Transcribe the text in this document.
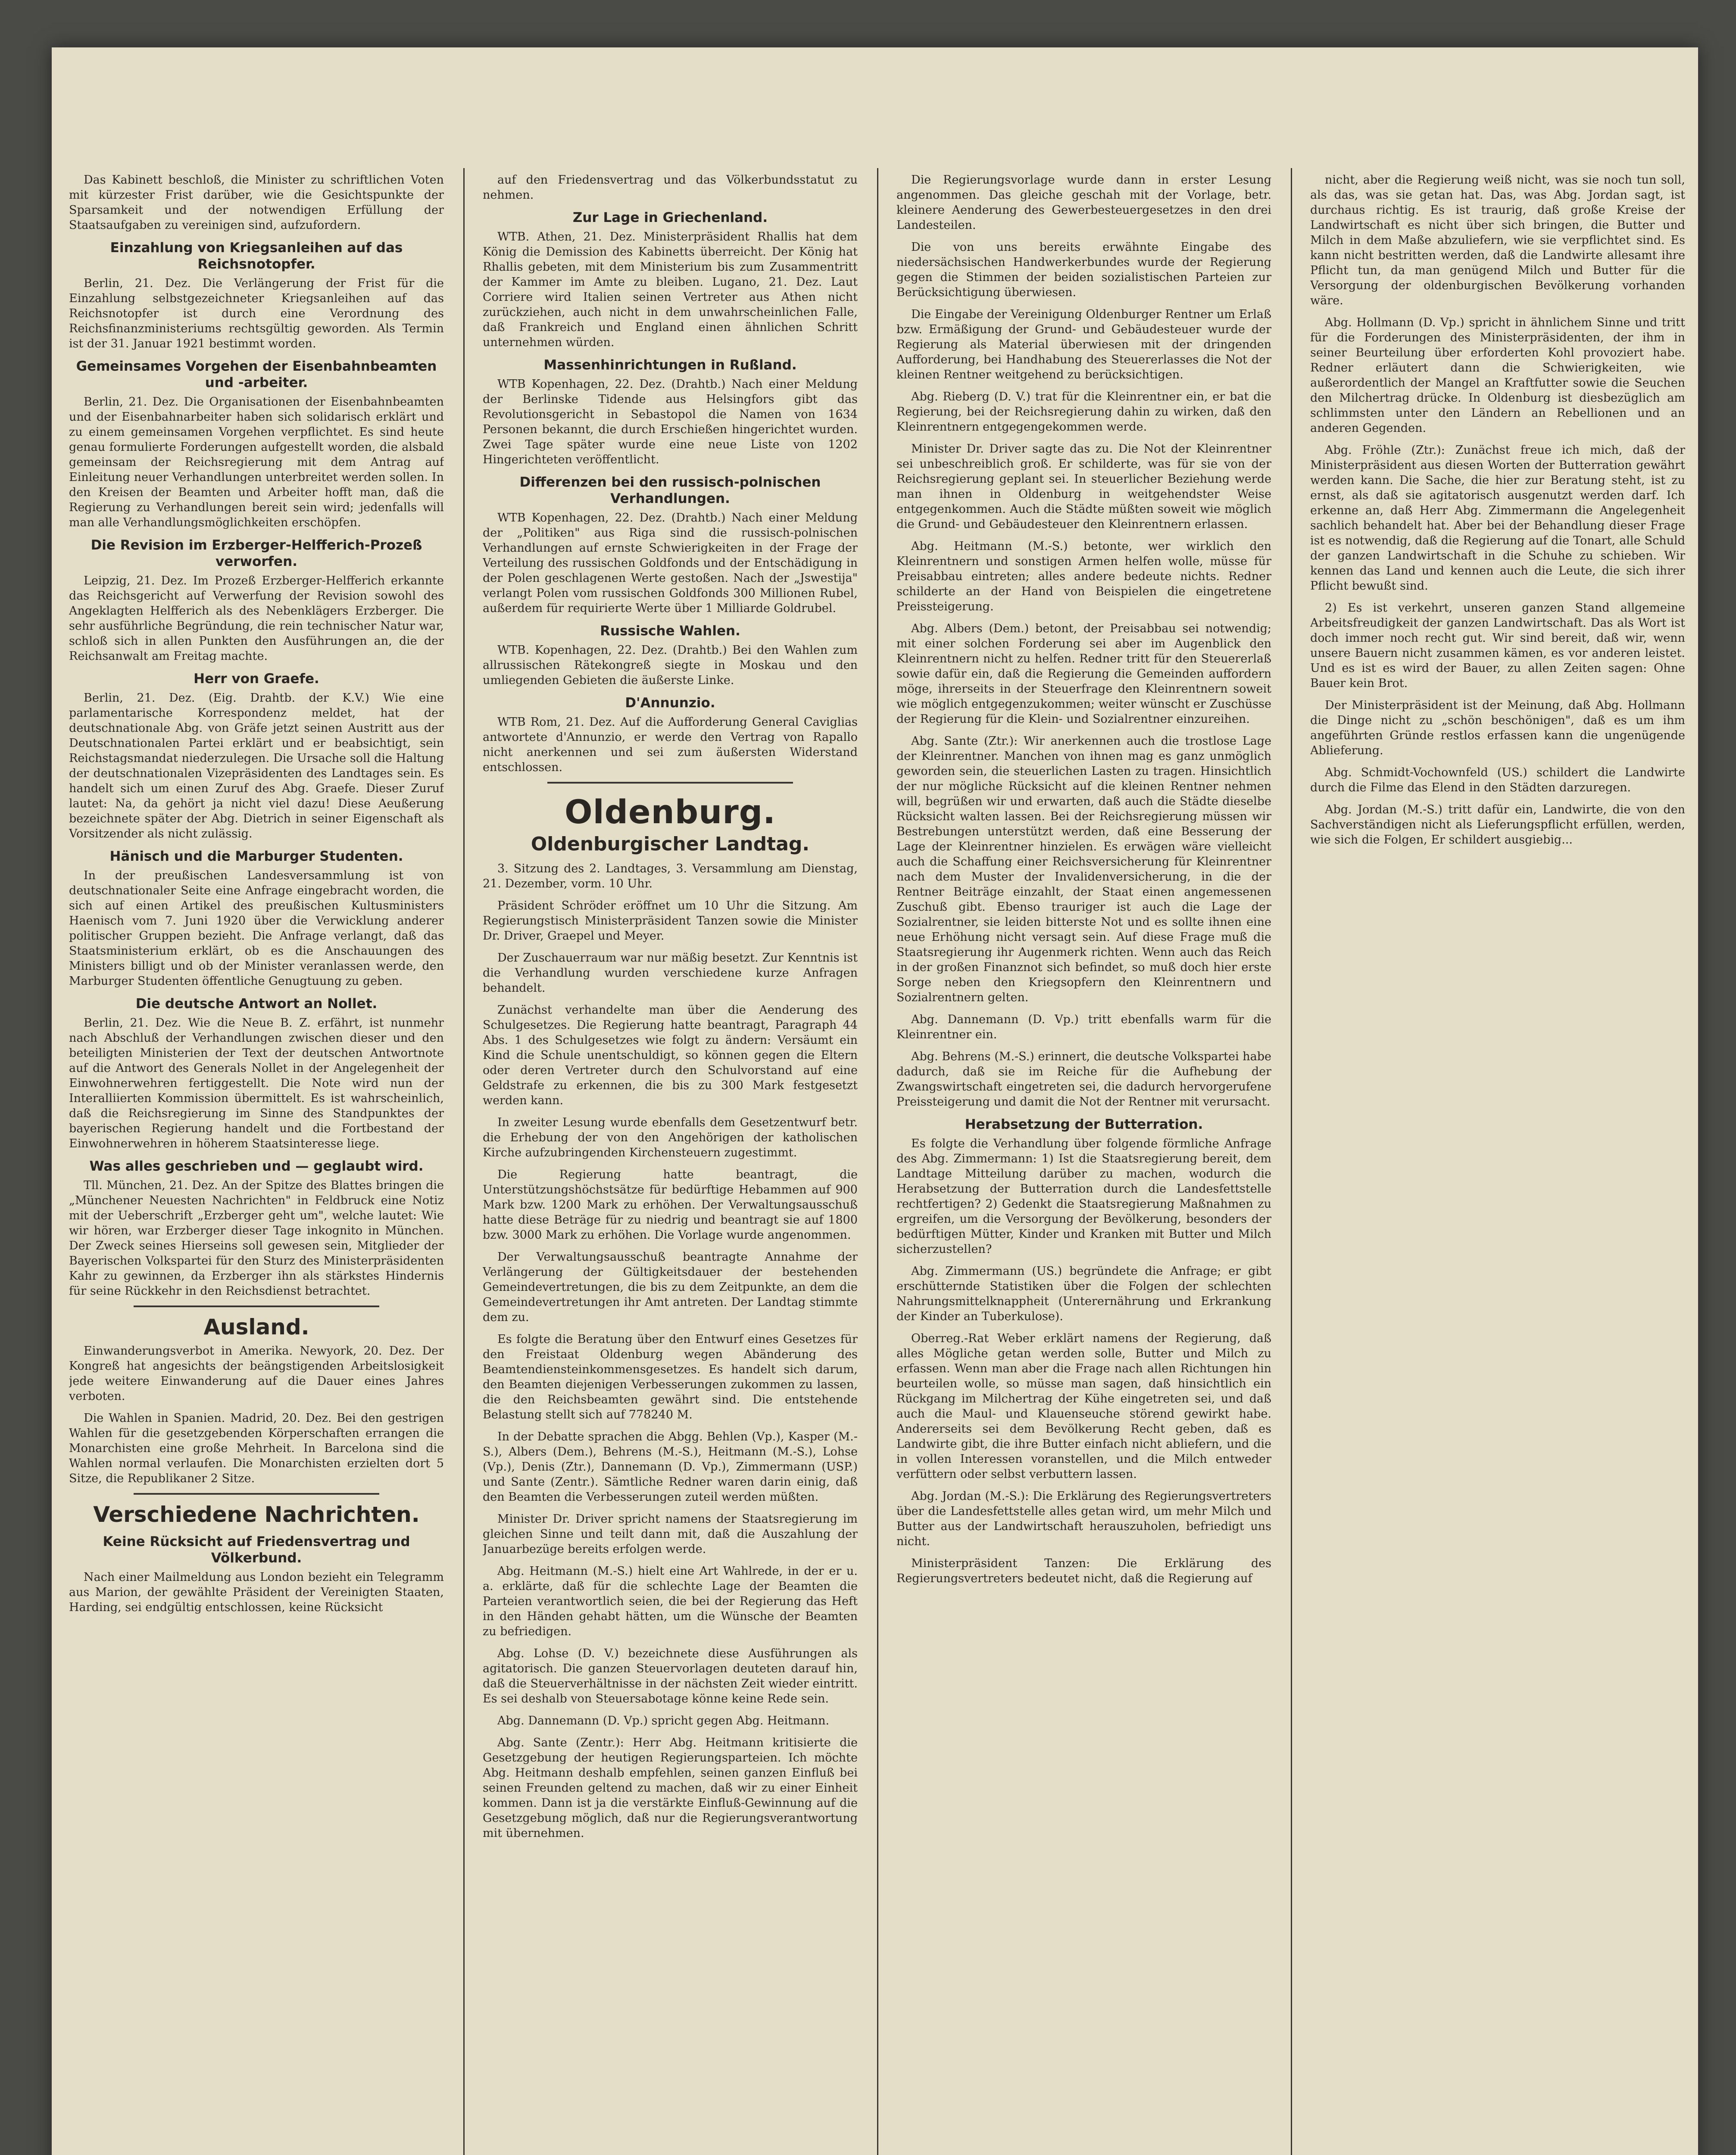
Das Kabinett beschloß, die Minister zu schriftlichen Voten mit kürzester Frist darüber, wie die Gesichtspunkte der Sparsamkeit und der notwendigen Erfüllung der Staatsaufgaben zu vereinigen sind, aufzufordern.

Einzahlung von Kriegsanleihen auf das Reichsnotopfer.

Berlin, 21. Dez. Die Verlängerung der Frist für die Einzahlung selbstgezeichneter Kriegsanleihen auf das Reichsnotopfer ist durch eine Verordnung des Reichsfinanzministeriums rechtsgültig geworden. Als Termin ist der 31. Januar 1921 bestimmt worden.

Gemeinsames Vorgehen der Eisenbahnbeamten und -arbeiter.

Berlin, 21. Dez. Die Organisationen der Eisenbahnbeamten und der Eisenbahnarbeiter haben sich solidarisch erklärt und zu einem gemeinsamen Vorgehen verpflichtet. Es sind heute genau formulierte Forderungen aufgestellt worden, die alsbald gemeinsam der Reichsregierung mit dem Antrag auf Einleitung neuer Verhandlungen unterbreitet werden sollen. In den Kreisen der Beamten und Arbeiter hofft man, daß die Regierung zu Verhandlungen bereit sein wird; jedenfalls will man alle Verhandlungsmöglichkeiten erschöpfen.

Die Revision im Erzberger-Helfferich-Prozeß verworfen.

Leipzig, 21. Dez. Im Prozeß Erzberger-Helfferich erkannte das Reichsgericht auf Verwerfung der Revision sowohl des Angeklagten Helfferich als des Nebenklägers Erzberger. Die sehr ausführliche Begründung, die rein technischer Natur war, schloß sich in allen Punkten den Ausführungen an, die der Reichsanwalt am Freitag machte.

Herr von Graefe.

Berlin, 21. Dez. (Eig. Drahtb. der K.V.) Wie eine parlamentarische Korrespondenz meldet, hat der deutschnationale Abg. von Gräfe jetzt seinen Austritt aus der Deutschnationalen Partei erklärt und er beabsichtigt, sein Reichstagsmandat niederzulegen. Die Ursache soll die Haltung der deutschnationalen Vizepräsidenten des Landtages sein. Es handelt sich um einen Zuruf des Abg. Graefe. Dieser Zuruf lautet: Na, da gehört ja nicht viel dazu! Diese Aeußerung bezeichnete später der Abg. Dietrich in seiner Eigenschaft als Vorsitzender als nicht zulässig.

Hänisch und die Marburger Studenten.

In der preußischen Landesversammlung ist von deutschnationaler Seite eine Anfrage eingebracht worden, die sich auf einen Artikel des preußischen Kultusministers Haenisch vom 7. Juni 1920 über die Verwicklung anderer politischer Gruppen bezieht. Die Anfrage verlangt, daß das Staatsministerium erklärt, ob es die Anschauungen des Ministers billigt und ob der Minister veranlassen werde, den Marburger Studenten öffentliche Genugtuung zu geben.

Die deutsche Antwort an Nollet.

Berlin, 21. Dez. Wie die Neue B. Z. erfährt, ist nunmehr nach Abschluß der Verhandlungen zwischen dieser und den beteiligten Ministerien der Text der deutschen Antwortnote auf die Antwort des Generals Nollet in der Angelegenheit der Einwohnerwehren fertiggestellt. Die Note wird nun der Interalliierten Kommission übermittelt. Es ist wahrscheinlich, daß die Reichsregierung im Sinne des Standpunktes der bayerischen Regierung handelt und die Fortbestand der Einwohnerwehren in höherem Staatsinteresse liege.

Was alles geschrieben und — geglaubt wird.

Tll. München, 21. Dez. An der Spitze des Blattes bringen die „Münchener Neuesten Nachrichten" in Feldbruck eine Notiz mit der Ueberschrift „Erzberger geht um", welche lautet: Wie wir hören, war Erzberger dieser Tage inkognito in München. Der Zweck seines Hierseins soll gewesen sein, Mitglieder der Bayerischen Volkspartei für den Sturz des Ministerpräsidenten Kahr zu gewinnen, da Erzberger ihn als stärkstes Hindernis für seine Rückkehr in den Reichsdienst betrachtet.

Ausland.

Einwanderungsverbot in Amerika. Newyork, 20. Dez. Der Kongreß hat angesichts der beängstigenden Arbeitslosigkeit jede weitere Einwanderung auf die Dauer eines Jahres verboten.

Die Wahlen in Spanien. Madrid, 20. Dez. Bei den gestrigen Wahlen für die gesetzgebenden Körperschaften errangen die Monarchisten eine große Mehrheit. In Barcelona sind die Wahlen normal verlaufen. Die Monarchisten erzielten dort 5 Sitze, die Republikaner 2 Sitze.

Verschiedene Nachrichten.
Keine Rücksicht auf Friedensvertrag und Völkerbund.

Nach einer Mailmeldung aus London bezieht ein Telegramm aus Marion, der gewählte Präsident der Vereinigten Staaten, Harding, sei endgültig entschlossen, keine Rücksicht

auf den Friedensvertrag und das Völkerbundsstatut zu nehmen.

Zur Lage in Griechenland.

WTB. Athen, 21. Dez. Ministerpräsident Rhallis hat dem König die Demission des Kabinetts überreicht. Der König hat Rhallis gebeten, mit dem Ministerium bis zum Zusammentritt der Kammer im Amte zu bleiben. Lugano, 21. Dez. Laut Corriere wird Italien seinen Vertreter aus Athen nicht zurückziehen, auch nicht in dem unwahrscheinlichen Falle, daß Frankreich und England einen ähnlichen Schritt unternehmen würden.

Massenhinrichtungen in Rußland.

WTB Kopenhagen, 22. Dez. (Drahtb.) Nach einer Meldung der Berlinske Tidende aus Helsingfors gibt das Revolutionsgericht in Sebastopol die Namen von 1634 Personen bekannt, die durch Erschießen hingerichtet wurden. Zwei Tage später wurde eine neue Liste von 1202 Hingerichteten veröffentlicht.

Differenzen bei den russisch-polnischen Verhandlungen.

WTB Kopenhagen, 22. Dez. (Drahtb.) Nach einer Meldung der „Politiken" aus Riga sind die russisch-polnischen Verhandlungen auf ernste Schwierigkeiten in der Frage der Verteilung des russischen Goldfonds und der Entschädigung in der Polen geschlagenen Werte gestoßen. Nach der „Jswestija" verlangt Polen vom russischen Goldfonds 300 Millionen Rubel, außerdem für requirierte Werte über 1 Milliarde Goldrubel.

Russische Wahlen.

WTB. Kopenhagen, 22. Dez. (Drahtb.) Bei den Wahlen zum allrussischen Rätekongreß siegte in Moskau und den umliegenden Gebieten die äußerste Linke.

D'Annunzio.

WTB Rom, 21. Dez. Auf die Aufforderung General Caviglias antwortete d'Annunzio, er werde den Vertrag von Rapallo nicht anerkennen und sei zum äußersten Widerstand entschlossen.

Oldenburg.
Oldenburgischer Landtag.

3. Sitzung des 2. Landtages, 3. Versammlung am Dienstag, 21. Dezember, vorm. 10 Uhr.

Präsident Schröder eröffnet um 10 Uhr die Sitzung. Am Regierungstisch Ministerpräsident Tanzen sowie die Minister Dr. Driver, Graepel und Meyer.

Der Zuschauerraum war nur mäßig besetzt. Zur Kenntnis ist die Verhandlung wurden verschiedene kurze Anfragen behandelt.

Zunächst verhandelte man über die Aenderung des Schulgesetzes. Die Regierung hatte beantragt, Paragraph 44 Abs. 1 des Schulgesetzes wie folgt zu ändern: Versäumt ein Kind die Schule unentschuldigt, so können gegen die Eltern oder deren Vertreter durch den Schulvorstand auf eine Geldstrafe zu erkennen, die bis zu 300 Mark festgesetzt werden kann.

In zweiter Lesung wurde ebenfalls dem Gesetzentwurf betr. die Erhebung der von den Angehörigen der katholischen Kirche aufzubringenden Kirchensteuern zugestimmt.

Die Regierung hatte beantragt, die Unterstützungshöchstsätze für bedürftige Hebammen auf 900 Mark bzw. 1200 Mark zu erhöhen. Der Verwaltungsausschuß hatte diese Beträge für zu niedrig und beantragt sie auf 1800 bzw. 3000 Mark zu erhöhen. Die Vorlage wurde angenommen.

Der Verwaltungsausschuß beantragte Annahme der Verlängerung der Gültigkeitsdauer der bestehenden Gemeindevertretungen, die bis zu dem Zeitpunkte, an dem die Gemeindevertretungen ihr Amt antreten. Der Landtag stimmte dem zu.

Es folgte die Beratung über den Entwurf eines Gesetzes für den Freistaat Oldenburg wegen Abänderung des Beamtendiensteinkommensgesetzes. Es handelt sich darum, den Beamten diejenigen Verbesserungen zukommen zu lassen, die den Reichsbeamten gewährt sind. Die entstehende Belastung stellt sich auf 778240 M.

In der Debatte sprachen die Abgg. Behlen (Vp.), Kasper (M.-S.), Albers (Dem.), Behrens (M.-S.), Heitmann (M.-S.), Lohse (Vp.), Denis (Ztr.), Dannemann (D. Vp.), Zimmermann (USP.) und Sante (Zentr.). Sämtliche Redner waren darin einig, daß den Beamten die Verbesserungen zuteil werden müßten.

Minister Dr. Driver spricht namens der Staatsregierung im gleichen Sinne und teilt dann mit, daß die Auszahlung der Januarbezüge bereits erfolgen werde.

Abg. Heitmann (M.-S.) hielt eine Art Wahlrede, in der er u. a. erklärte, daß für die schlechte Lage der Beamten die Parteien verantwortlich seien, die bei der Regierung das Heft in den Händen gehabt hätten, um die Wünsche der Beamten zu befriedigen.

Abg. Lohse (D. V.) bezeichnete diese Ausführungen als agitatorisch. Die ganzen Steuervorlagen deuteten darauf hin, daß die Steuerverhältnisse in der nächsten Zeit wieder eintritt. Es sei deshalb von Steuersabotage könne keine Rede sein.

Abg. Dannemann (D. Vp.) spricht gegen Abg. Heitmann.

Abg. Sante (Zentr.): Herr Abg. Heitmann kritisierte die Gesetzgebung der heutigen Regierungsparteien. Ich möchte Abg. Heitmann deshalb empfehlen, seinen ganzen Einfluß bei seinen Freunden geltend zu machen, daß wir zu einer Einheit kommen. Dann ist ja die verstärkte Einfluß-Gewinnung auf die Gesetzgebung möglich, daß nur die Regierungsverantwortung mit übernehmen.

Die Regierungsvorlage wurde dann in erster Lesung angenommen. Das gleiche geschah mit der Vorlage, betr. kleinere Aenderung des Gewerbesteuergesetzes in den drei Landesteilen.

Die von uns bereits erwähnte Eingabe des niedersächsischen Handwerkerbundes wurde der Regierung gegen die Stimmen der beiden sozialistischen Parteien zur Berücksichtigung überwiesen.

Die Eingabe der Vereinigung Oldenburger Rentner um Erlaß bzw. Ermäßigung der Grund- und Gebäudesteuer wurde der Regierung als Material überwiesen mit der dringenden Aufforderung, bei Handhabung des Steuererlasses die Not der kleinen Rentner weitgehend zu berücksichtigen.

Abg. Rieberg (D. V.) trat für die Kleinrentner ein, er bat die Regierung, bei der Reichsregierung dahin zu wirken, daß den Kleinrentnern entgegengekommen werde.

Minister Dr. Driver sagte das zu. Die Not der Kleinrentner sei unbeschreiblich groß. Er schilderte, was für sie von der Reichsregierung geplant sei. In steuerlicher Beziehung werde man ihnen in Oldenburg in weitgehendster Weise entgegenkommen. Auch die Städte müßten soweit wie möglich die Grund- und Gebäudesteuer den Kleinrentnern erlassen.

Abg. Heitmann (M.-S.) betonte, wer wirklich den Kleinrentnern und sonstigen Armen helfen wolle, müsse für Preisabbau eintreten; alles andere bedeute nichts. Redner schilderte an der Hand von Beispielen die eingetretene Preissteigerung.

Abg. Albers (Dem.) betont, der Preisabbau sei notwendig; mit einer solchen Forderung sei aber im Augenblick den Kleinrentnern nicht zu helfen. Redner tritt für den Steuererlaß sowie dafür ein, daß die Regierung die Gemeinden auffordern möge, ihrerseits in der Steuerfrage den Kleinrentnern soweit wie möglich entgegenzukommen; weiter wünscht er Zuschüsse der Regierung für die Klein- und Sozialrentner einzureihen.

Abg. Sante (Ztr.): Wir anerkennen auch die trostlose Lage der Kleinrentner. Manchen von ihnen mag es ganz unmöglich geworden sein, die steuerlichen Lasten zu tragen. Hinsichtlich der nur mögliche Rücksicht auf die kleinen Rentner nehmen will, begrüßen wir und erwarten, daß auch die Städte dieselbe Rücksicht walten lassen. Bei der Reichsregierung müssen wir Bestrebungen unterstützt werden, daß eine Besserung der Lage der Kleinrentner hinzielen. Es erwägen wäre vielleicht auch die Schaffung einer Reichsversicherung für Kleinrentner nach dem Muster der Invalidenversicherung, in die der Rentner Beiträge einzahlt, der Staat einen angemessenen Zuschuß gibt. Ebenso trauriger ist auch die Lage der Sozialrentner, sie leiden bitterste Not und es sollte ihnen eine neue Erhöhung nicht versagt sein. Auf diese Frage muß die Staatsregierung ihr Augenmerk richten. Wenn auch das Reich in der großen Finanznot sich befindet, so muß doch hier erste Sorge neben den Kriegsopfern den Kleinrentnern und Sozialrentnern gelten.

Abg. Dannemann (D. Vp.) tritt ebenfalls warm für die Kleinrentner ein.

Abg. Behrens (M.-S.) erinnert, die deutsche Volkspartei habe dadurch, daß sie im Reiche für die Aufhebung der Zwangswirtschaft eingetreten sei, die dadurch hervorgerufene Preissteigerung und damit die Not der Rentner mit verursacht.

Herabsetzung der Butterration.

Es folgte die Verhandlung über folgende förmliche Anfrage des Abg. Zimmermann: 1) Ist die Staatsregierung bereit, dem Landtage Mitteilung darüber zu machen, wodurch die Herabsetzung der Butterration durch die Landesfettstelle rechtfertigen? 2) Gedenkt die Staatsregierung Maßnahmen zu ergreifen, um die Versorgung der Bevölkerung, besonders der bedürftigen Mütter, Kinder und Kranken mit Butter und Milch sicherzustellen?

Abg. Zimmermann (US.) begründete die Anfrage; er gibt erschütternde Statistiken über die Folgen der schlechten Nahrungsmittelknappheit (Unterernährung und Erkrankung der Kinder an Tuberkulose).

Oberreg.-Rat Weber erklärt namens der Regierung, daß alles Mögliche getan werden solle, Butter und Milch zu erfassen. Wenn man aber die Frage nach allen Richtungen hin beurteilen wolle, so müsse man sagen, daß hinsichtlich ein Rückgang im Milchertrag der Kühe eingetreten sei, und daß auch die Maul- und Klauenseuche störend gewirkt habe. Andererseits sei dem Bevölkerung Recht geben, daß es Landwirte gibt, die ihre Butter einfach nicht abliefern, und die in vollen Interessen voranstellen, und die Milch entweder verfüttern oder selbst verbuttern lassen.

Abg. Jordan (M.-S.): Die Erklärung des Regierungsvertreters über die Landesfettstelle alles getan wird, um mehr Milch und Butter aus der Landwirtschaft herauszuholen, befriedigt uns nicht.

Ministerpräsident Tanzen: Die Erklärung des Regierungsvertreters bedeutet nicht, daß die Regierung auf

nicht, aber die Regierung weiß nicht, was sie noch tun soll, als das, was sie getan hat. Das, was Abg. Jordan sagt, ist durchaus richtig. Es ist traurig, daß große Kreise der Landwirtschaft es nicht über sich bringen, die Butter und Milch in dem Maße abzuliefern, wie sie verpflichtet sind. Es kann nicht bestritten werden, daß die Landwirte allesamt ihre Pflicht tun, da man genügend Milch und Butter für die Versorgung der oldenburgischen Bevölkerung vorhanden wäre.

Abg. Hollmann (D. Vp.) spricht in ähnlichem Sinne und tritt für die Forderungen des Ministerpräsidenten, der ihm in seiner Beurteilung über erforderten Kohl provoziert habe. Redner erläutert dann die Schwierigkeiten, wie außerordentlich der Mangel an Kraftfutter sowie die Seuchen den Milchertrag drücke. In Oldenburg ist diesbezüglich am schlimmsten unter den Ländern an Rebellionen und an anderen Gegenden.

Abg. Fröhle (Ztr.): Zunächst freue ich mich, daß der Ministerpräsident aus diesen Worten der Butterration gewährt werden kann. Die Sache, die hier zur Beratung steht, ist zu ernst, als daß sie agitatorisch ausgenutzt werden darf. Ich erkenne an, daß Herr Abg. Zimmermann die Angelegenheit sachlich behandelt hat. Aber bei der Behandlung dieser Frage ist es notwendig, daß die Regierung auf die Tonart, alle Schuld der ganzen Landwirtschaft in die Schuhe zu schieben. Wir kennen das Land und kennen auch die Leute, die sich ihrer Pflicht bewußt sind.

2) Es ist verkehrt, unseren ganzen Stand allgemeine Arbeitsfreudigkeit der ganzen Landwirtschaft. Das als Wort ist doch immer noch recht gut. Wir sind bereit, daß wir, wenn unsere Bauern nicht zusammen kämen, es vor anderen leistet. Und es ist es wird der Bauer, zu allen Zeiten sagen: Ohne Bauer kein Brot.

Der Ministerpräsident ist der Meinung, daß Abg. Hollmann die Dinge nicht zu „schön beschönigen", daß es um ihm angeführten Gründe restlos erfassen kann die ungenügende Ablieferung.

Abg. Schmidt-Vochownfeld (US.) schildert die Landwirte durch die Filme das Elend in den Städten darzuregen.

Abg. Jordan (M.-S.) tritt dafür ein, Landwirte, die von den Sachverständigen nicht als Lieferungspflicht erfüllen, werden, wie sich die Folgen, Er schildert ausgiebig...
